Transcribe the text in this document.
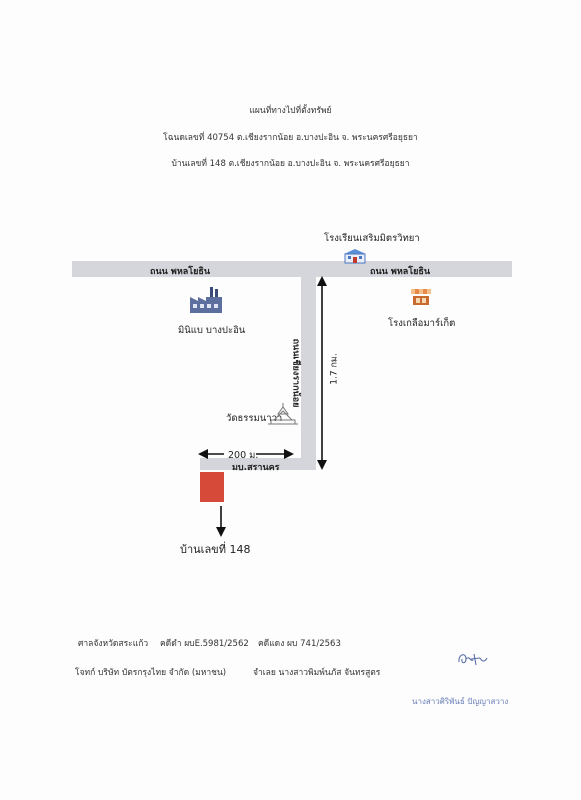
แผนที่ทางไปที่ตั้งทรัพย์
โฉนดเลขที่ 40754 ต.เชียงรากน้อย อ.บางปะอิน จ. พระนครศรีอยุธยา
บ้านเลขที่ 148 ต.เชียงรากน้อย อ.บางปะอิน จ. พระนครศรีอยุธยา
ถนน พหลโยธิน	ถนน พหลโยธิน
ถนนเชียงรากน้อย
มบ.สรานคร
1.7 กม.
200 ม.
โรงเรียนเสริมมิตรวิทยา
มินิแบ บางปะอิน
โรงเกลือมาร์เก็ต
วัดธรรมนาวา
บ้านเลขที่ 148
ศาลจังหวัดสระแก้ว คดีดำ ผบE.5981/2562 คดีแดง ผบ 741/2563
โจทก์ บริษัท บัตรกรุงไทย จำกัด (มหาชน)	จำเลย นางสาวพิมพ์นภัส จันทรสูตร
นางสาวศิริพันธ์ ปัญญาสวาง
